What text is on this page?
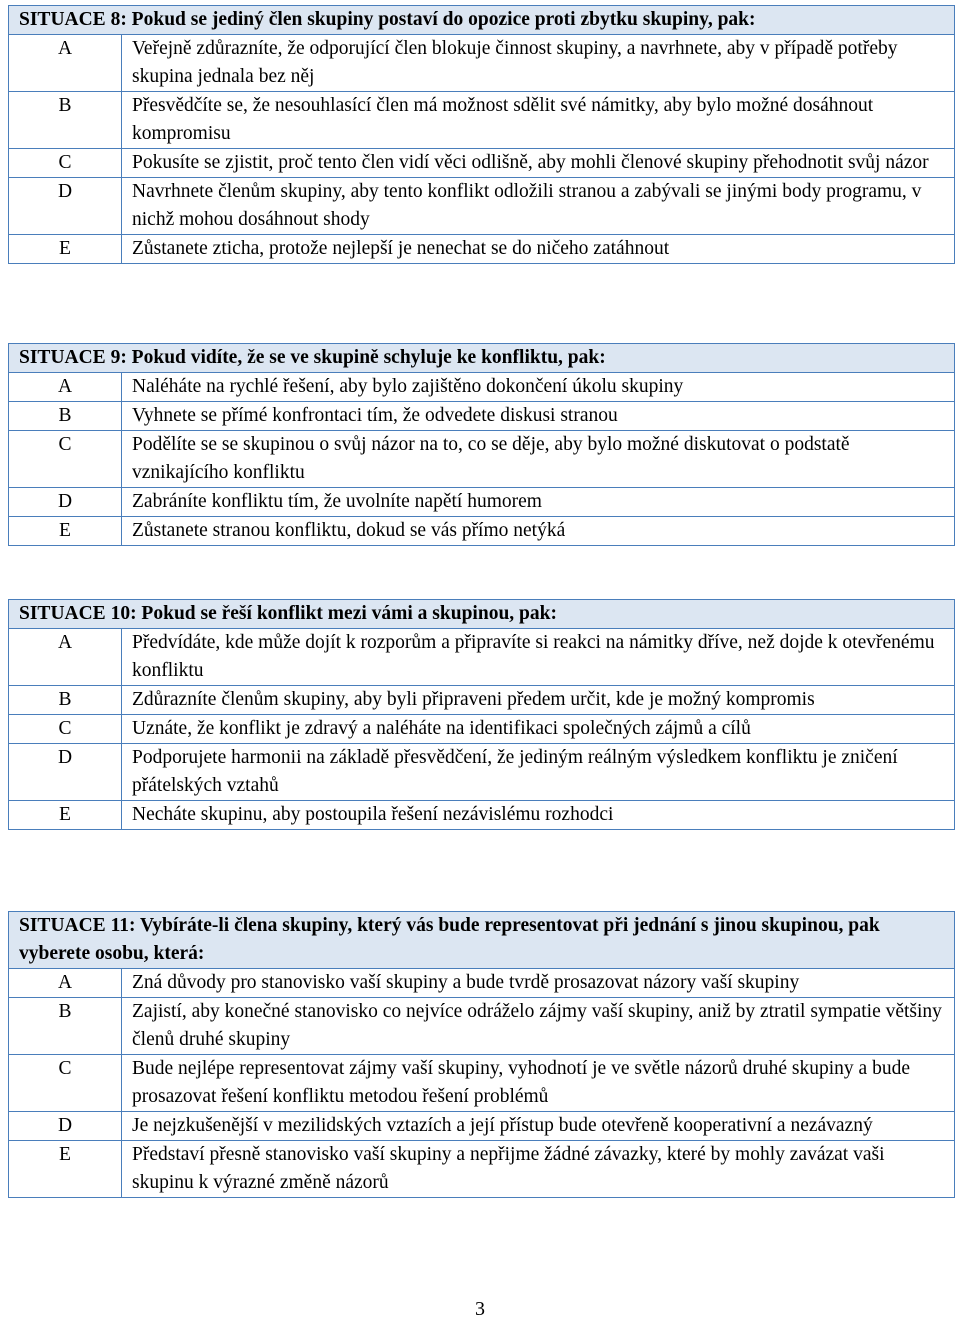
SITUACE 8: Pokud se jediný člen skupiny postaví do opozice proti zbytku skupiny, pak:	
A	Veřejně zdůrazníte, že odporující člen blokuje činnost skupiny, a navrhnete, aby v případě potřeby skupina jednala bez něj
B	Přesvědčíte se, že nesouhlasící člen má možnost sdělit své námitky, aby bylo možné dosáhnout kompromisu
C	Pokusíte se zjistit, proč tento člen vidí věci odlišně, aby mohli členové skupiny přehodnotit svůj názor
D	Navrhnete členům skupiny, aby tento konflikt odložili stranou a zabývali se jinými body programu, v nichž mohou dosáhnout shody
E	Zůstanete zticha, protože nejlepší je nenechat se do ničeho zatáhnout
SITUACE 9: Pokud vidíte, že se ve skupině schyluje ke konfliktu, pak:	
A	Naléháte na rychlé řešení, aby bylo zajištěno dokončení úkolu skupiny
B	Vyhnete se přímé konfrontaci tím, že odvedete diskusi stranou
C	Podělíte se se skupinou o svůj názor na to, co se děje, aby bylo možné diskutovat o podstatě vznikajícího konfliktu
D	Zabráníte konfliktu tím, že uvolníte napětí humorem
E	Zůstanete stranou konfliktu, dokud se vás přímo netýká
SITUACE 10: Pokud se řeší konflikt mezi vámi a skupinou, pak:	
A	Předvídáte, kde může dojít k rozporům a připravíte si reakci na námitky dříve, než dojde k otevřenému konfliktu
B	Zdůrazníte členům skupiny, aby byli připraveni předem určit, kde je možný kompromis
C	Uznáte, že konflikt je zdravý a naléháte na identifikaci společných zájmů a cílů
D	Podporujete harmonii na základě přesvědčení, že jediným reálným výsledkem konfliktu je zničení přátelských vztahů
E	Necháte skupinu, aby postoupila řešení nezávislému rozhodci
SITUACE 11: Vybíráte-li člena skupiny, který vás bude representovat při jednání s jinou skupinou, pak vyberete osobu, která:	
A	Zná důvody pro stanovisko vaší skupiny a bude tvrdě prosazovat názory vaší skupiny
B	Zajistí, aby konečné stanovisko co nejvíce odráželo zájmy vaší skupiny, aniž by ztratil sympatie většiny členů druhé skupiny
C	Bude nejlépe representovat zájmy vaší skupiny, vyhodnotí je ve světle názorů druhé skupiny a bude prosazovat řešení konfliktu metodou řešení problémů
D	Je nejzkušenější v mezilidských vztazích a její přístup bude otevřeně kooperativní a nezávazný
E	Představí přesně stanovisko vaší skupiny a nepřijme žádné závazky, které by mohly zavázat vaši skupinu k výrazné změně názorů
3
